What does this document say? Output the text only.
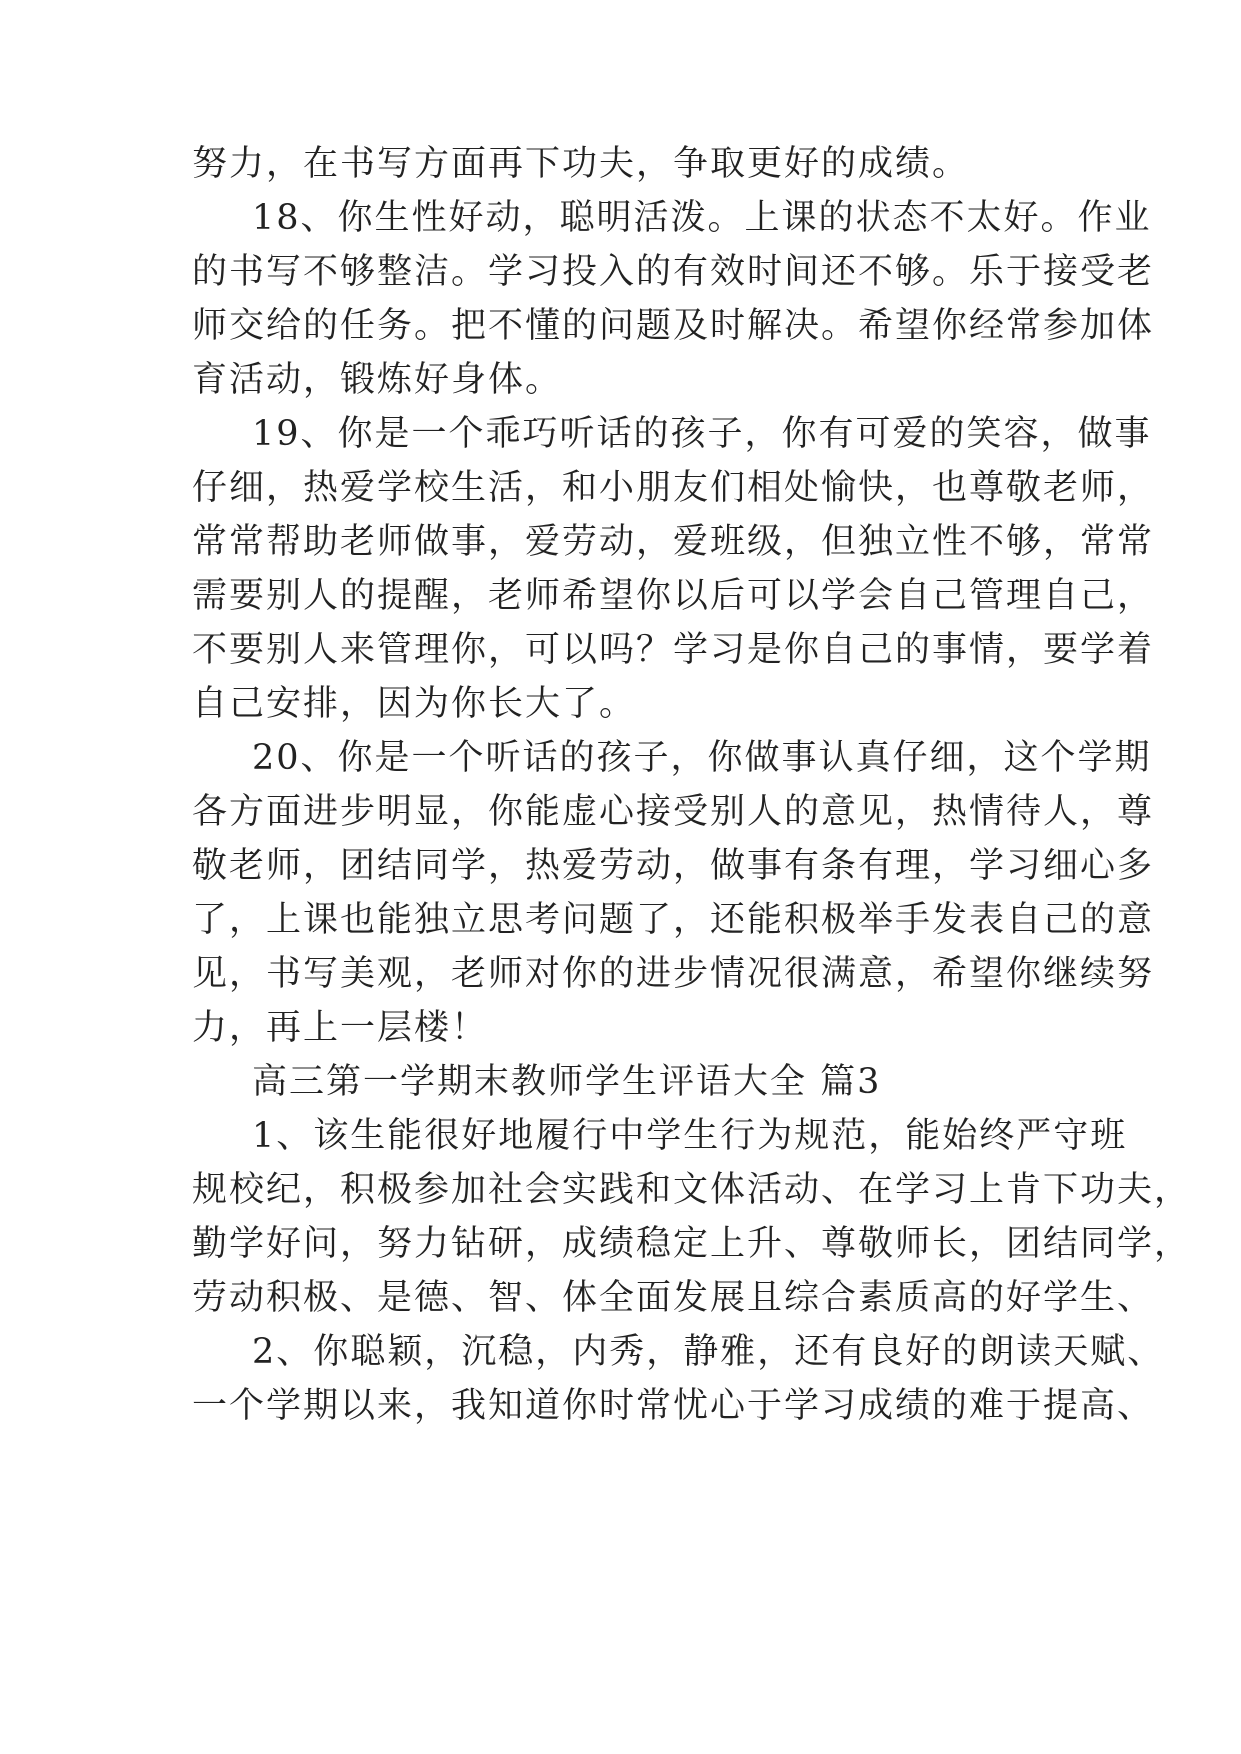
努力，在书写方面再下功夫，争取更好的成绩。
18、你生性好动，聪明活泼。上课的状态不太好。作业
的书写不够整洁。学习投入的有效时间还不够。乐于接受老
师交给的任务。把不懂的问题及时解决。希望你经常参加体
育活动，锻炼好身体。
19、你是一个乖巧听话的孩子，你有可爱的笑容，做事
仔细，热爱学校生活，和小朋友们相处愉快，也尊敬老师，
常常帮助老师做事，爱劳动，爱班级，但独立性不够，常常
需要别人的提醒，老师希望你以后可以学会自己管理自己，
不要别人来管理你，可以吗？学习是你自己的事情，要学着
自己安排，因为你长大了。
20、你是一个听话的孩子，你做事认真仔细，这个学期
各方面进步明显，你能虚心接受别人的意见，热情待人，尊
敬老师，团结同学，热爱劳动，做事有条有理，学习细心多
了，上课也能独立思考问题了，还能积极举手发表自己的意
见，书写美观，老师对你的进步情况很满意，希望你继续努
力，再上一层楼！
高三第一学期末教师学生评语大全 篇3
1、该生能很好地履行中学生行为规范，能始终严守班
规校纪，积极参加社会实践和文体活动、在学习上肯下功夫，
勤学好问，努力钻研，成绩稳定上升、尊敬师长，团结同学，
劳动积极、是德、智、体全面发展且综合素质高的好学生、
2、你聪颖，沉稳，内秀，静雅，还有良好的朗读天赋、
一个学期以来，我知道你时常忧心于学习成绩的难于提高、
